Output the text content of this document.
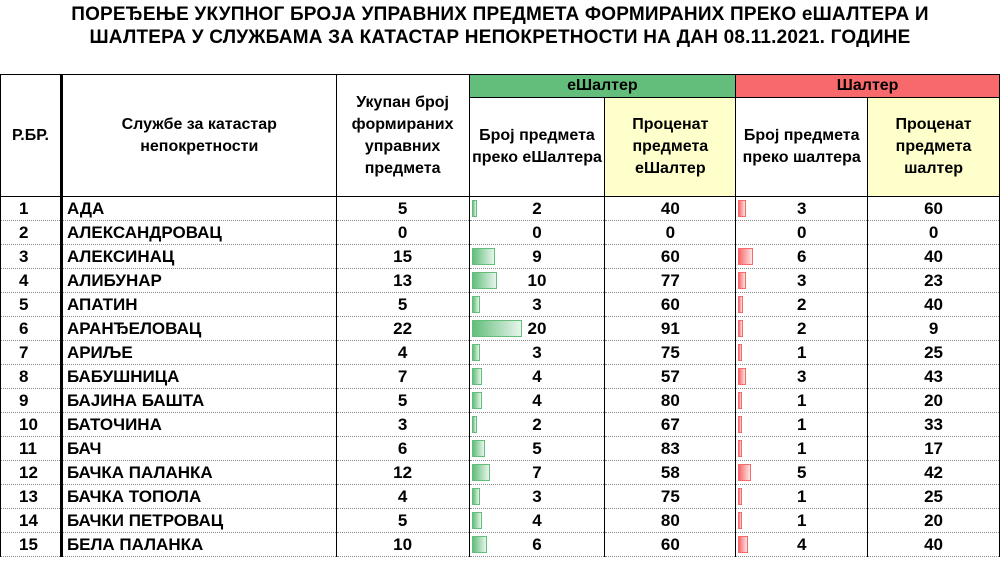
ПОРЕЂЕЊЕ УКУПНОГ БРОЈА УПРАВНИХ ПРЕДМЕТА ФОРМИРАНИХ ПРЕКО еШАЛТЕРА И
ШАЛТЕРА У СЛУЖБАМА ЗА КАТАСТАР НЕПОКРЕТНОСТИ НА ДАН 08.11.2021. ГОДИНЕ
Р.БР.	Службе за катастар непокретности	Укупан број формираних управних предмета	еШалтер		Шалтер	
			Број предмета преко еШалтера	Проценат предмета еШалтер	Број предмета преко шалтера	Проценат предмета шалтер
1	АДА	5	2	40	3	60
2	АЛЕКСАНДРОВАЦ	0	0	0	0	0
3	АЛЕКСИНАЦ	15	9	60	6	40
4	АЛИБУНАР	13	10	77	3	23
5	АПАТИН	5	3	60	2	40
6	АРАНЂЕЛОВАЦ	22	20	91	2	9
7	АРИЉЕ	4	3	75	1	25
8	БАБУШНИЦА	7	4	57	3	43
9	БАЈИНА БАШТА	5	4	80	1	20
10	БАТОЧИНА	3	2	67	1	33
11	БАЧ	6	5	83	1	17
12	БАЧКА ПАЛАНКА	12	7	58	5	42
13	БАЧКА ТОПОЛА	4	3	75	1	25
14	БАЧКИ ПЕТРОВАЦ	5	4	80	1	20
15	БЕЛА ПАЛАНКА	10	6	60	4	40
